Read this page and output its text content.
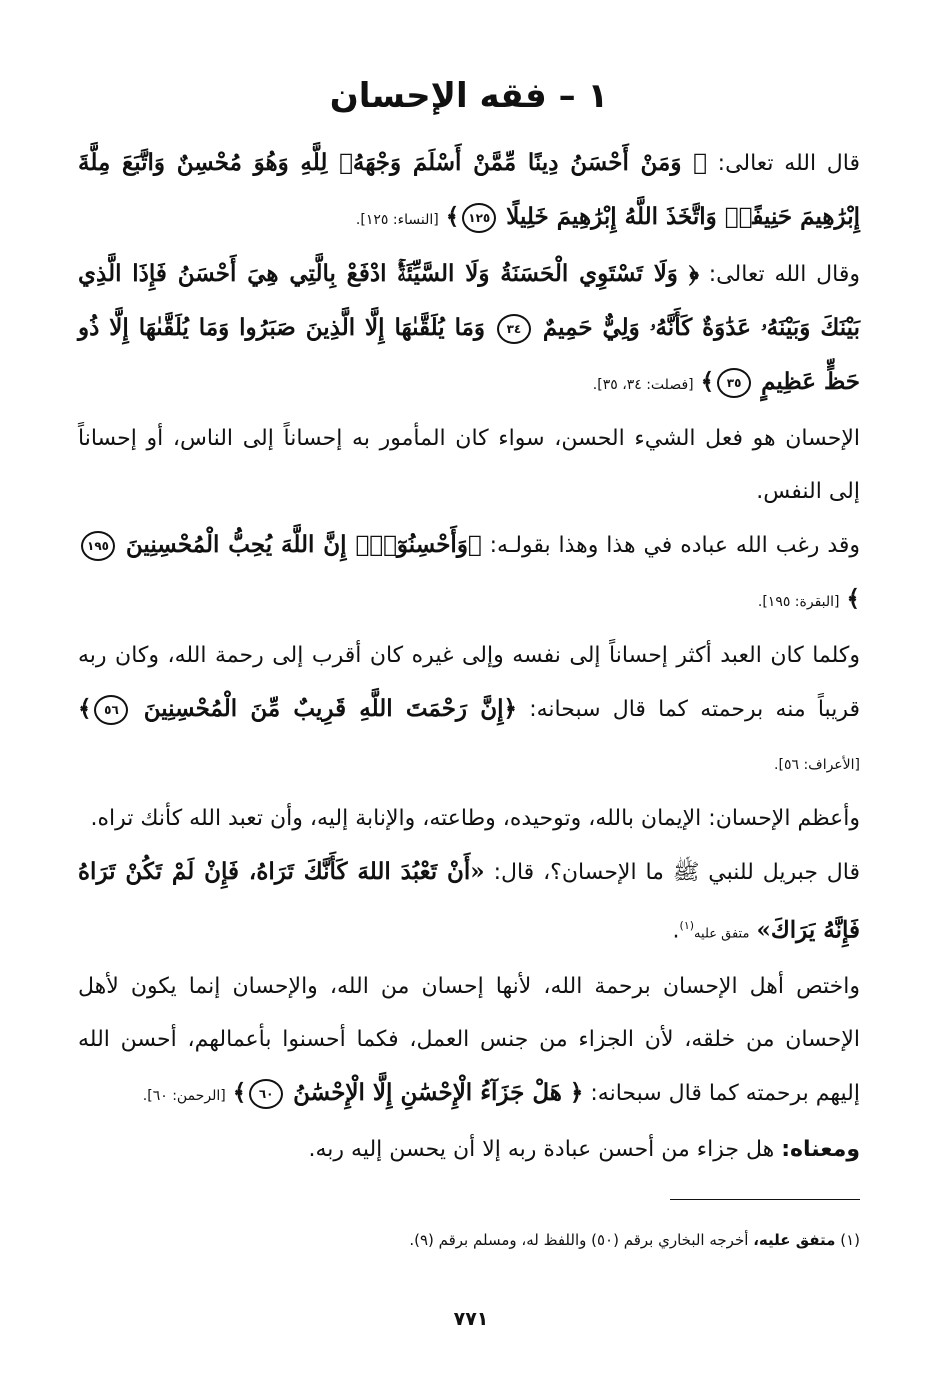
١ – فقه الإحسان

قال الله تعالى: ﴿ وَمَنْ أَحْسَنُ دِينًا مِّمَّنْ أَسْلَمَ وَجْهَهُۥ لِلَّهِ وَهُوَ مُحْسِنٌ وَاتَّبَعَ مِلَّةَ إِبْرَٰهِيمَ حَنِيفًاۗ وَاتَّخَذَ اللَّهُ إِبْرَٰهِيمَ خَلِيلًا ١٢٥﴾ [النساء: ١٢٥].

وقال الله تعالى: ﴿ وَلَا تَسْتَوِي الْحَسَنَةُ وَلَا السَّيِّئَةُۚ ادْفَعْ بِالَّتِي هِيَ أَحْسَنُ فَإِذَا الَّذِي بَيْنَكَ وَبَيْنَهُۥ عَدَٰوَةٌ كَأَنَّهُۥ وَلِيٌّ حَمِيمٌ ٣٤ وَمَا يُلَقَّىٰهَا إِلَّا الَّذِينَ صَبَرُوا وَمَا يُلَقَّىٰهَا إِلَّا ذُو حَظٍّ عَظِيمٍ ٣٥﴾ [فصلت: ٣٤، ٣٥].

الإحسان هو فعل الشيء الحسن، سواء كان المأمور به إحساناً إلى الناس، أو إحساناً إلى النفس.

وقد رغب الله عباده في هذا وهذا بقولـه: ﴿وَأَحْسِنُوٓاْۛ إِنَّ اللَّهَ يُحِبُّ الْمُحْسِنِينَ ١٩٥﴾ [البقرة: ١٩٥].

وكلما كان العبد أكثر إحساناً إلى نفسه وإلى غيره كان أقرب إلى رحمة الله، وكان ربه قريباً منه برحمته كما قال سبحانه: ﴿إِنَّ رَحْمَتَ اللَّهِ قَرِيبٌ مِّنَ الْمُحْسِنِينَ ٥٦﴾ [الأعراف: ٥٦].

وأعظم الإحسان: الإيمان بالله، وتوحيده، وطاعته، والإنابة إليه، وأن تعبد الله كأنك تراه.

قال جبريل للنبي ﷺ ما الإحسان؟، قال: «أَنْ تَعْبُدَ اللهَ كَأَنَّكَ تَرَاهُ، فَإِنْ لَمْ تَكُنْ تَرَاهُ فَإِنَّهُ يَرَاكَ» متفق عليه$^{(١)}$.

واختص أهل الإحسان برحمة الله، لأنها إحسان من الله، والإحسان إنما يكون لأهل الإحسان من خلقه، لأن الجزاء من جنس العمل، فكما أحسنوا بأعمالهم، أحسن الله إليهم برحمته كما قال سبحانه: ﴿ هَلْ جَزَآءُ الْإِحْسَٰنِ إِلَّا الْإِحْسَٰنُ ٦٠﴾ [الرحمن: ٦٠].

ومعناه: هل جزاء من أحسن عبادة ربه إلا أن يحسن إليه ربه.

(١) متفق عليه، أخرجه البخاري برقم (٥٠) واللفظ له، ومسلم برقم (٩).

٧٧١
